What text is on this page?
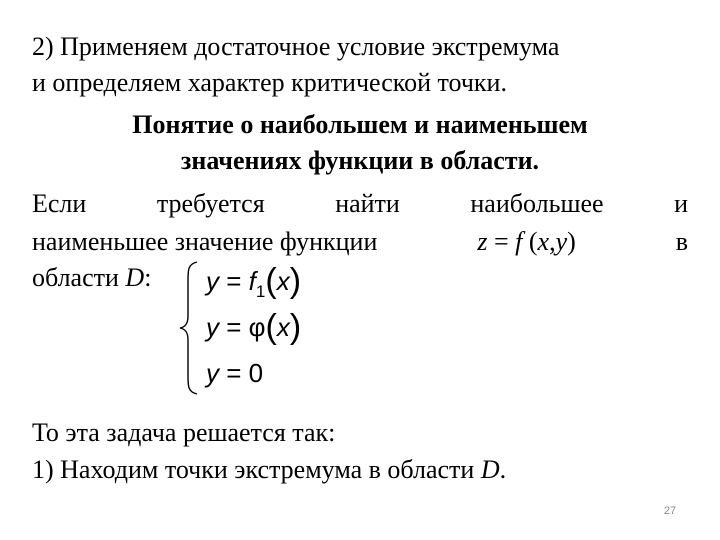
2) Применяем достаточное условие экстремума
и определяем характер критической точки.
Понятие о наибольшем и наименьшем
значениях функции в области.
Если	требуется	найти	наибольшее	и
наименьшее значение функции	z = f (x,y)	в
области D:	$y = f_1(x)$
y = φ(x)
y = 0
То эта задача решается так:
1) Находим точки экстремума в области D.
27
